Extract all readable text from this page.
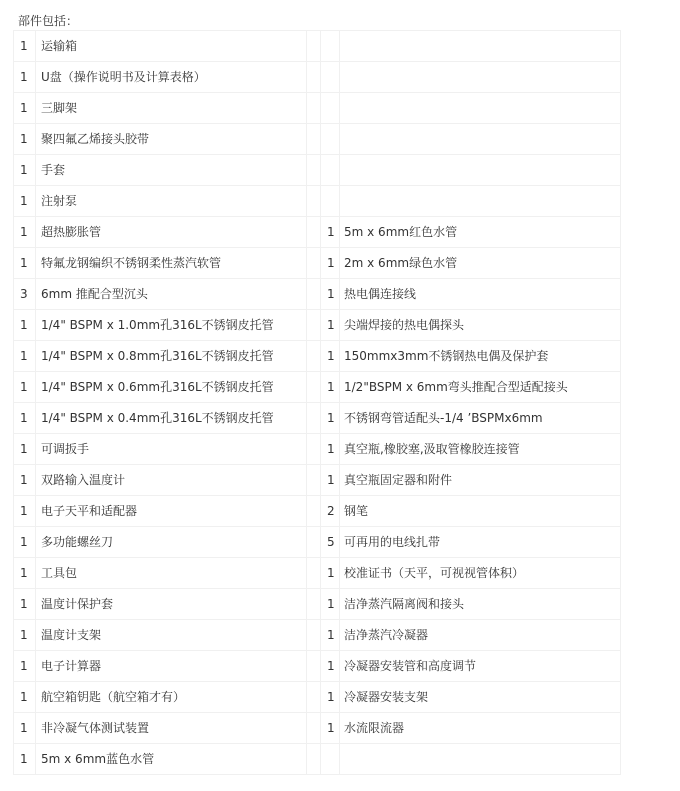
部件包括：
1	运输箱			
1	U盘（操作说明书及计算表格）			
1	三脚架			
1	聚四氟乙烯接头胶带			
1	手套			
1	注射泵			
1	超热膨胀管		1	5m x 6mm红色水管
1	特氟龙钢编织不锈钢柔性蒸汽软管		1	2m x 6mm绿色水管
3	6mm 推配合型沉头		1	热电偶连接线
1	1/4" BSPM x 1.0mm孔316L不锈钢皮托管		1	尖端焊接的热电偶探头
1	1/4" BSPM x 0.8mm孔316L不锈钢皮托管		1	150mmx3mm不锈钢热电偶及保护套
1	1/4" BSPM x 0.6mm孔316L不锈钢皮托管		1	1/2"BSPM x 6mm弯头推配合型适配接头
1	1/4" BSPM x 0.4mm孔316L不锈钢皮托管		1	不锈钢弯管适配头-1/4 ’BSPMx6mm
1	可调扳手		1	真空瓶,橡胶塞,汲取管橡胶连接管
1	双路输入温度计		1	真空瓶固定器和附件
1	电子天平和适配器		2	钢笔
1	多功能螺丝刀		5	可再用的电线扎带
1	工具包		1	校准证书（天平，可视视管体积）
1	温度计保护套		1	洁净蒸汽隔离阀和接头
1	温度计支架		1	洁净蒸汽冷凝器
1	电子计算器		1	冷凝器安装管和高度调节
1	航空箱钥匙（航空箱才有）		1	冷凝器安装支架
1	非冷凝气体测试装置		1	水流限流器
1	5m x 6mm蓝色水管			
